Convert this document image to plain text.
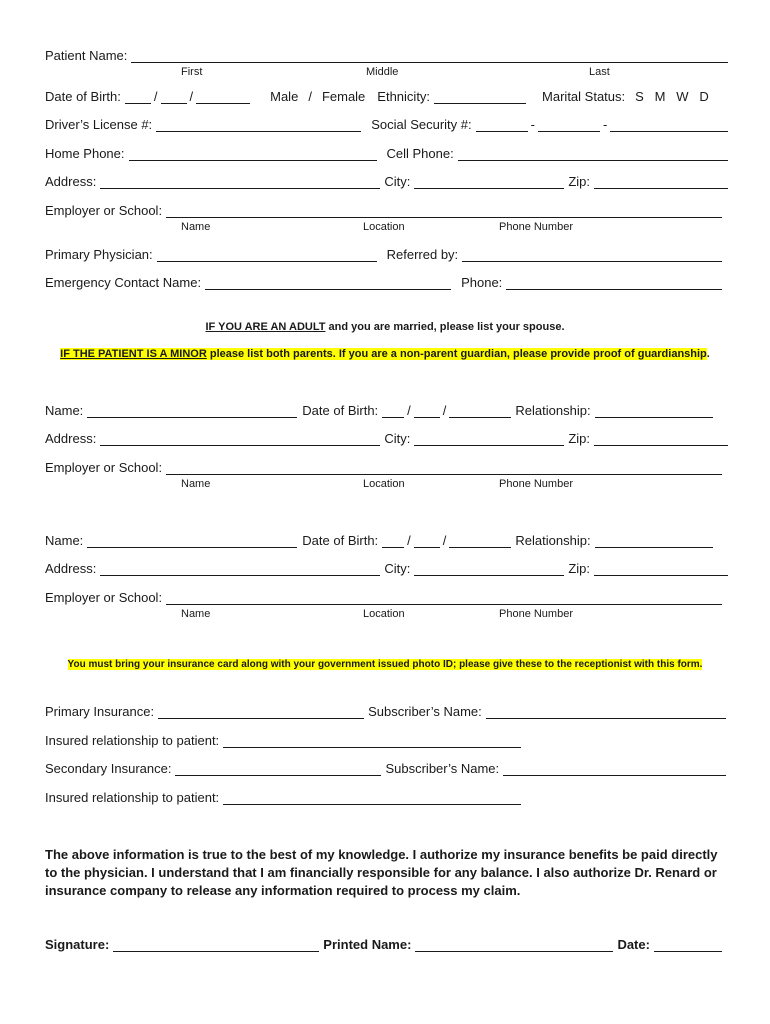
Patient Name:
First	Middle	Last
Date of Birth:	/ /	Male / Female Ethnicity:	Marital Status: S   M   W   D
Driver’s License #:	Social Security #:	-	-
Home Phone:	Cell Phone:
Address:	City:	Zip:
Employer or School:
Name	Location	Phone Number
Primary Physician:	Referred by:
Emergency Contact Name:	Phone:
IF YOU ARE AN ADULT and you are married, please list your spouse.
IF THE PATIENT IS A MINOR please list both parents. If you are a non-parent guardian, please provide proof of guardianship.
Name:	Date of Birth:	/ /	Relationship:
Address:	City:	Zip:
Employer or School:
Name	Location	Phone Number
Name:	Date of Birth:	/ /	Relationship:
Address:	City:	Zip:
Employer or School:
Name	Location	Phone Number
You must bring your insurance card along with your government issued photo ID; please give these to the receptionist with this form.
Primary Insurance:	Subscriber’s Name:
Insured relationship to patient:
Secondary Insurance:	Subscriber’s Name:
Insured relationship to patient:
The above information is true to the best of my knowledge. I authorize my insurance benefits be paid directly to the physician. I understand that I am financially responsible for any balance. I also authorize Dr. Renard or insurance company to release any information required to process my claim.
Signature:	Printed Name:	Date:
